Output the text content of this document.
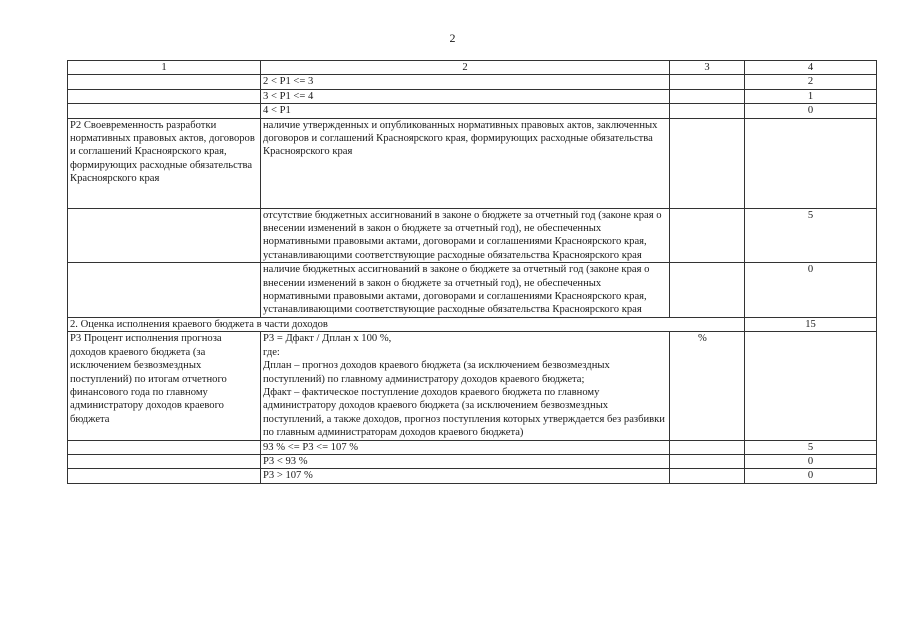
2
1	2	3	4
	2 < P1 <= 3		2
	3 < P1 <= 4		1
	4 < P1		0
P2 Своевременность разработки нормативных правовых актов, договоров и соглашений Красноярского края, формирующих расходные обязательства Красноярского края	наличие утвержденных и опубликованных нормативных правовых актов, заключенных договоров и соглашений Красноярского края, формирующих расходные обязательства Красноярского края		
	отсутствие бюджетных ассигнований в законе о бюджете за отчетный год (законе края о внесении изменений в закон о бюджете за отчетный год), не обеспеченных нормативными правовыми актами, договорами и соглашениями Красноярского края, устанавливающими соответствующие расходные обязательства Красноярского края		5
	наличие бюджетных ассигнований в законе о бюджете за отчетный год (законе края о внесении изменений в закон о бюджете за отчетный год), не обеспеченных нормативными правовыми актами, договорами и соглашениями Красноярского края, устанавливающими соответствующие расходные обязательства Красноярского края		0
2. Оценка исполнения краевого бюджета в части доходов			15
P3 Процент исполнения прогноза доходов краевого бюджета (за исключением безвозмездных поступлений) по итогам отчетного финансового года по главному администратору доходов краевого бюджета	P3 = Дфакт / Дплан x 100 %,
где:
Дплан – прогноз доходов краевого бюджета (за исключением безвозмездных поступлений) по главному администратору доходов краевого бюджета;
Дфакт – фактическое поступление доходов краевого бюджета по главному администратору доходов краевого бюджета (за исключением безвозмездных поступлений, а также доходов, прогноз поступления которых утверждается без разбивки по главным администраторам доходов краевого бюджета)	%	
	93 % <= P3 <= 107 %		5
	P3 < 93 %		0
	P3 > 107 %		0
